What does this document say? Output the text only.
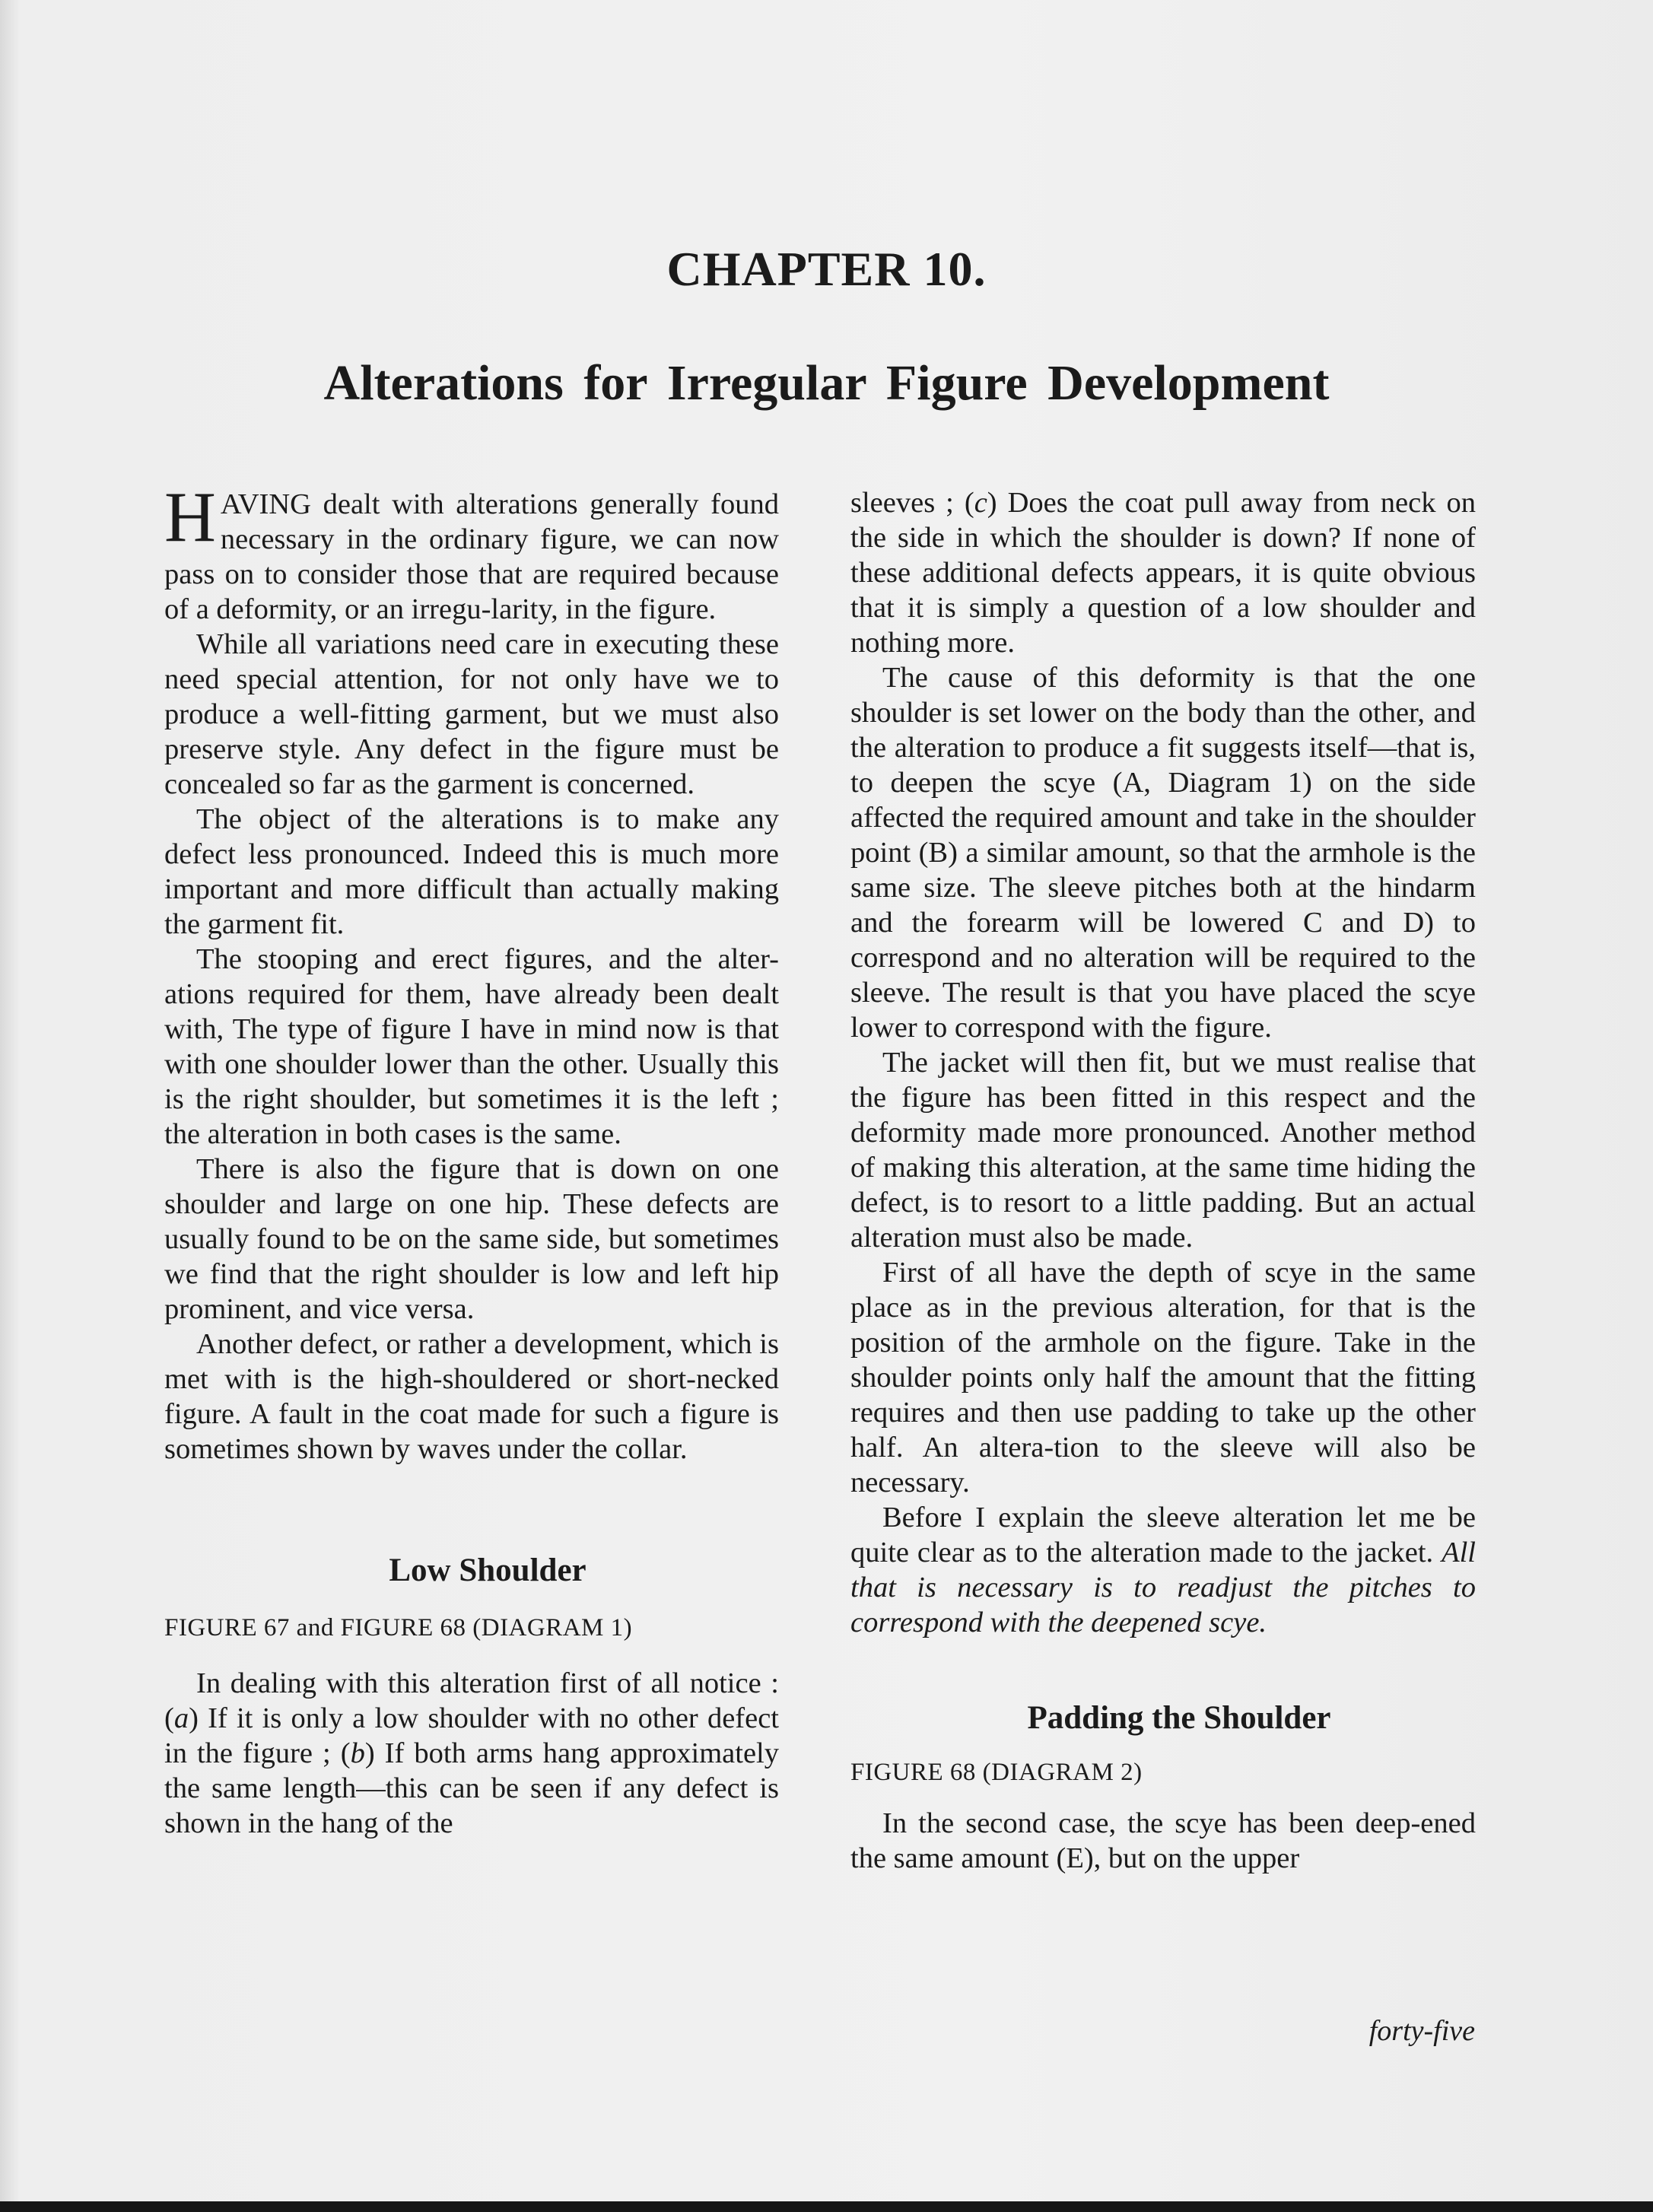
CHAPTER 10.
Alterations for Irregular Figure Development

HAVING dealt with alterations generally found necessary in the ordinary figure, we can now pass on to consider those that are required because of a deformity, or an irregu-larity, in the figure.

While all variations need care in executing these need special attention, for not only have we to produce a well-fitting garment, but we must also preserve style. Any defect in the figure must be concealed so far as the garment is concerned.

The object of the alterations is to make any defect less pronounced. Indeed this is much more important and more difficult than actually making the garment fit.

The stooping and erect figures, and the alter-ations required for them, have already been dealt with, The type of figure I have in mind now is that with one shoulder lower than the other. Usually this is the right shoulder, but sometimes it is the left ; the alteration in both cases is the same.

There is also the figure that is down on one shoulder and large on one hip. These defects are usually found to be on the same side, but sometimes we find that the right shoulder is low and left hip prominent, and vice versa.

Another defect, or rather a development, which is met with is the high-shouldered or short-necked figure. A fault in the coat made for such a figure is sometimes shown by waves under the collar.

Low Shoulder

FIGURE 67 and FIGURE 68 (DIAGRAM 1)

In dealing with this alteration first of all notice : (a) If it is only a low shoulder with no other defect in the figure ; (b) If both arms hang approximately the same length—this can be seen if any defect is shown in the hang of the

sleeves ; (c) Does the coat pull away from neck on the side in which the shoulder is down? If none of these additional defects appears, it is quite obvious that it is simply a question of a low shoulder and nothing more.

The cause of this deformity is that the one shoulder is set lower on the body than the other, and the alteration to produce a fit suggests itself—that is, to deepen the scye (A, Diagram 1) on the side affected the required amount and take in the shoulder point (B) a similar amount, so that the armhole is the same size. The sleeve pitches both at the hindarm and the forearm will be lowered C and D) to correspond and no alteration will be required to the sleeve. The result is that you have placed the scye lower to correspond with the figure.

The jacket will then fit, but we must realise that the figure has been fitted in this respect and the deformity made more pronounced. Another method of making this alteration, at the same time hiding the defect, is to resort to a little padding. But an actual alteration must also be made.

First of all have the depth of scye in the same place as in the previous alteration, for that is the position of the armhole on the figure. Take in the shoulder points only half the amount that the fitting requires and then use padding to take up the other half. An altera-tion to the sleeve will also be necessary.

Before I explain the sleeve alteration let me be quite clear as to the alteration made to the jacket. All that is necessary is to readjust the pitches to correspond with the deepened scye.

Padding the Shoulder

FIGURE 68 (DIAGRAM 2)

In the second case, the scye has been deep-ened the same amount (E), but on the upper

forty-five
